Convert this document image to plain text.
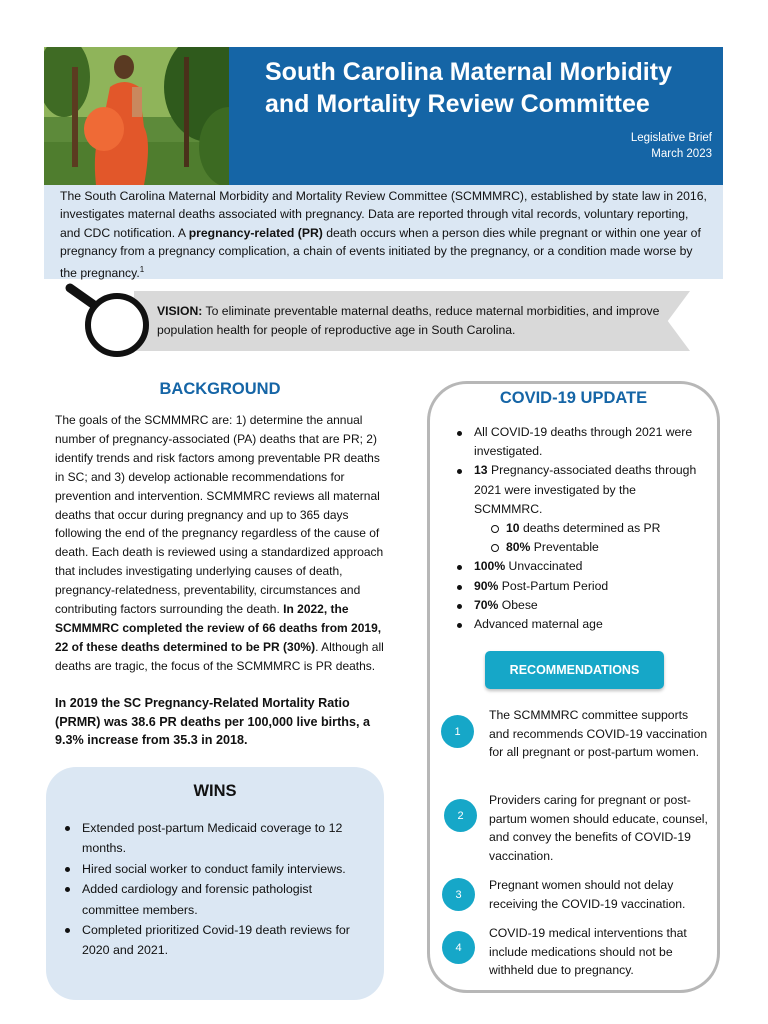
South Carolina Maternal Morbidity
and Mortality Review Committee
Legislative Brief
March 2023
The South Carolina Maternal Morbidity and Mortality Review Committee (SCMMMRC), established by state law in 2016, investigates maternal deaths associated with pregnancy. Data are reported through vital records, voluntary reporting, and CDC notification. A pregnancy-related (PR) death occurs when a person dies while pregnant or within one year of pregnancy from a pregnancy complication, a chain of events initiated by the pregnancy, or a condition made worse by the pregnancy.$^1$
VISION: To eliminate preventable maternal deaths, reduce maternal morbidities, and improve population health for people of reproductive age in South Carolina.
BACKGROUND
The goals of the SCMMMRC are: 1) determine the annual number of pregnancy-associated (PA) deaths that are PR; 2) identify trends and risk factors among preventable PR deaths in SC; and 3) develop actionable recommendations for prevention and intervention. SCMMMRC reviews all maternal deaths that occur during pregnancy and up to 365 days following the end of the pregnancy regardless of the cause of death. Each death is reviewed using a standardized approach that includes investigating underlying causes of death, pregnancy-relatedness, preventability, circumstances and contributing factors surrounding the death. In 2022, the SCMMMRC completed the review of 66 deaths from 2019, 22 of these deaths determined to be PR (30%). Although all deaths are tragic, the focus of the SCMMMRC is PR deaths.
In 2019 the SC Pregnancy-Related Mortality Ratio (PRMR) was 38.6 PR deaths per 100,000 live births, a 9.3% increase from 35.3 in 2018.
WINS
Extended post-partum Medicaid coverage to 12 months.
Hired social worker to conduct family interviews.
Added cardiology and forensic pathologist committee members.
Completed prioritized Covid-19 death reviews for 2020 and 2021.
COVID-19 UPDATE
All COVID-19 deaths through 2021 were investigated.
13 Pregnancy-associated deaths through 2021 were investigated by the SCMMMRC.
10 deaths determined as PR
80% Preventable
100% Unvaccinated
90% Post-Partum Period
70% Obese
Advanced maternal age
RECOMMENDATIONS
1
The SCMMMRC committee supports and recommends COVID-19 vaccination for all pregnant or post-partum women.
2
Providers caring for pregnant or post-partum women should educate, counsel, and convey the benefits of COVID-19 vaccination.
3
Pregnant women should not delay receiving the COVID-19 vaccination.
4
COVID-19 medical interventions that include medications should not be withheld due to pregnancy.
